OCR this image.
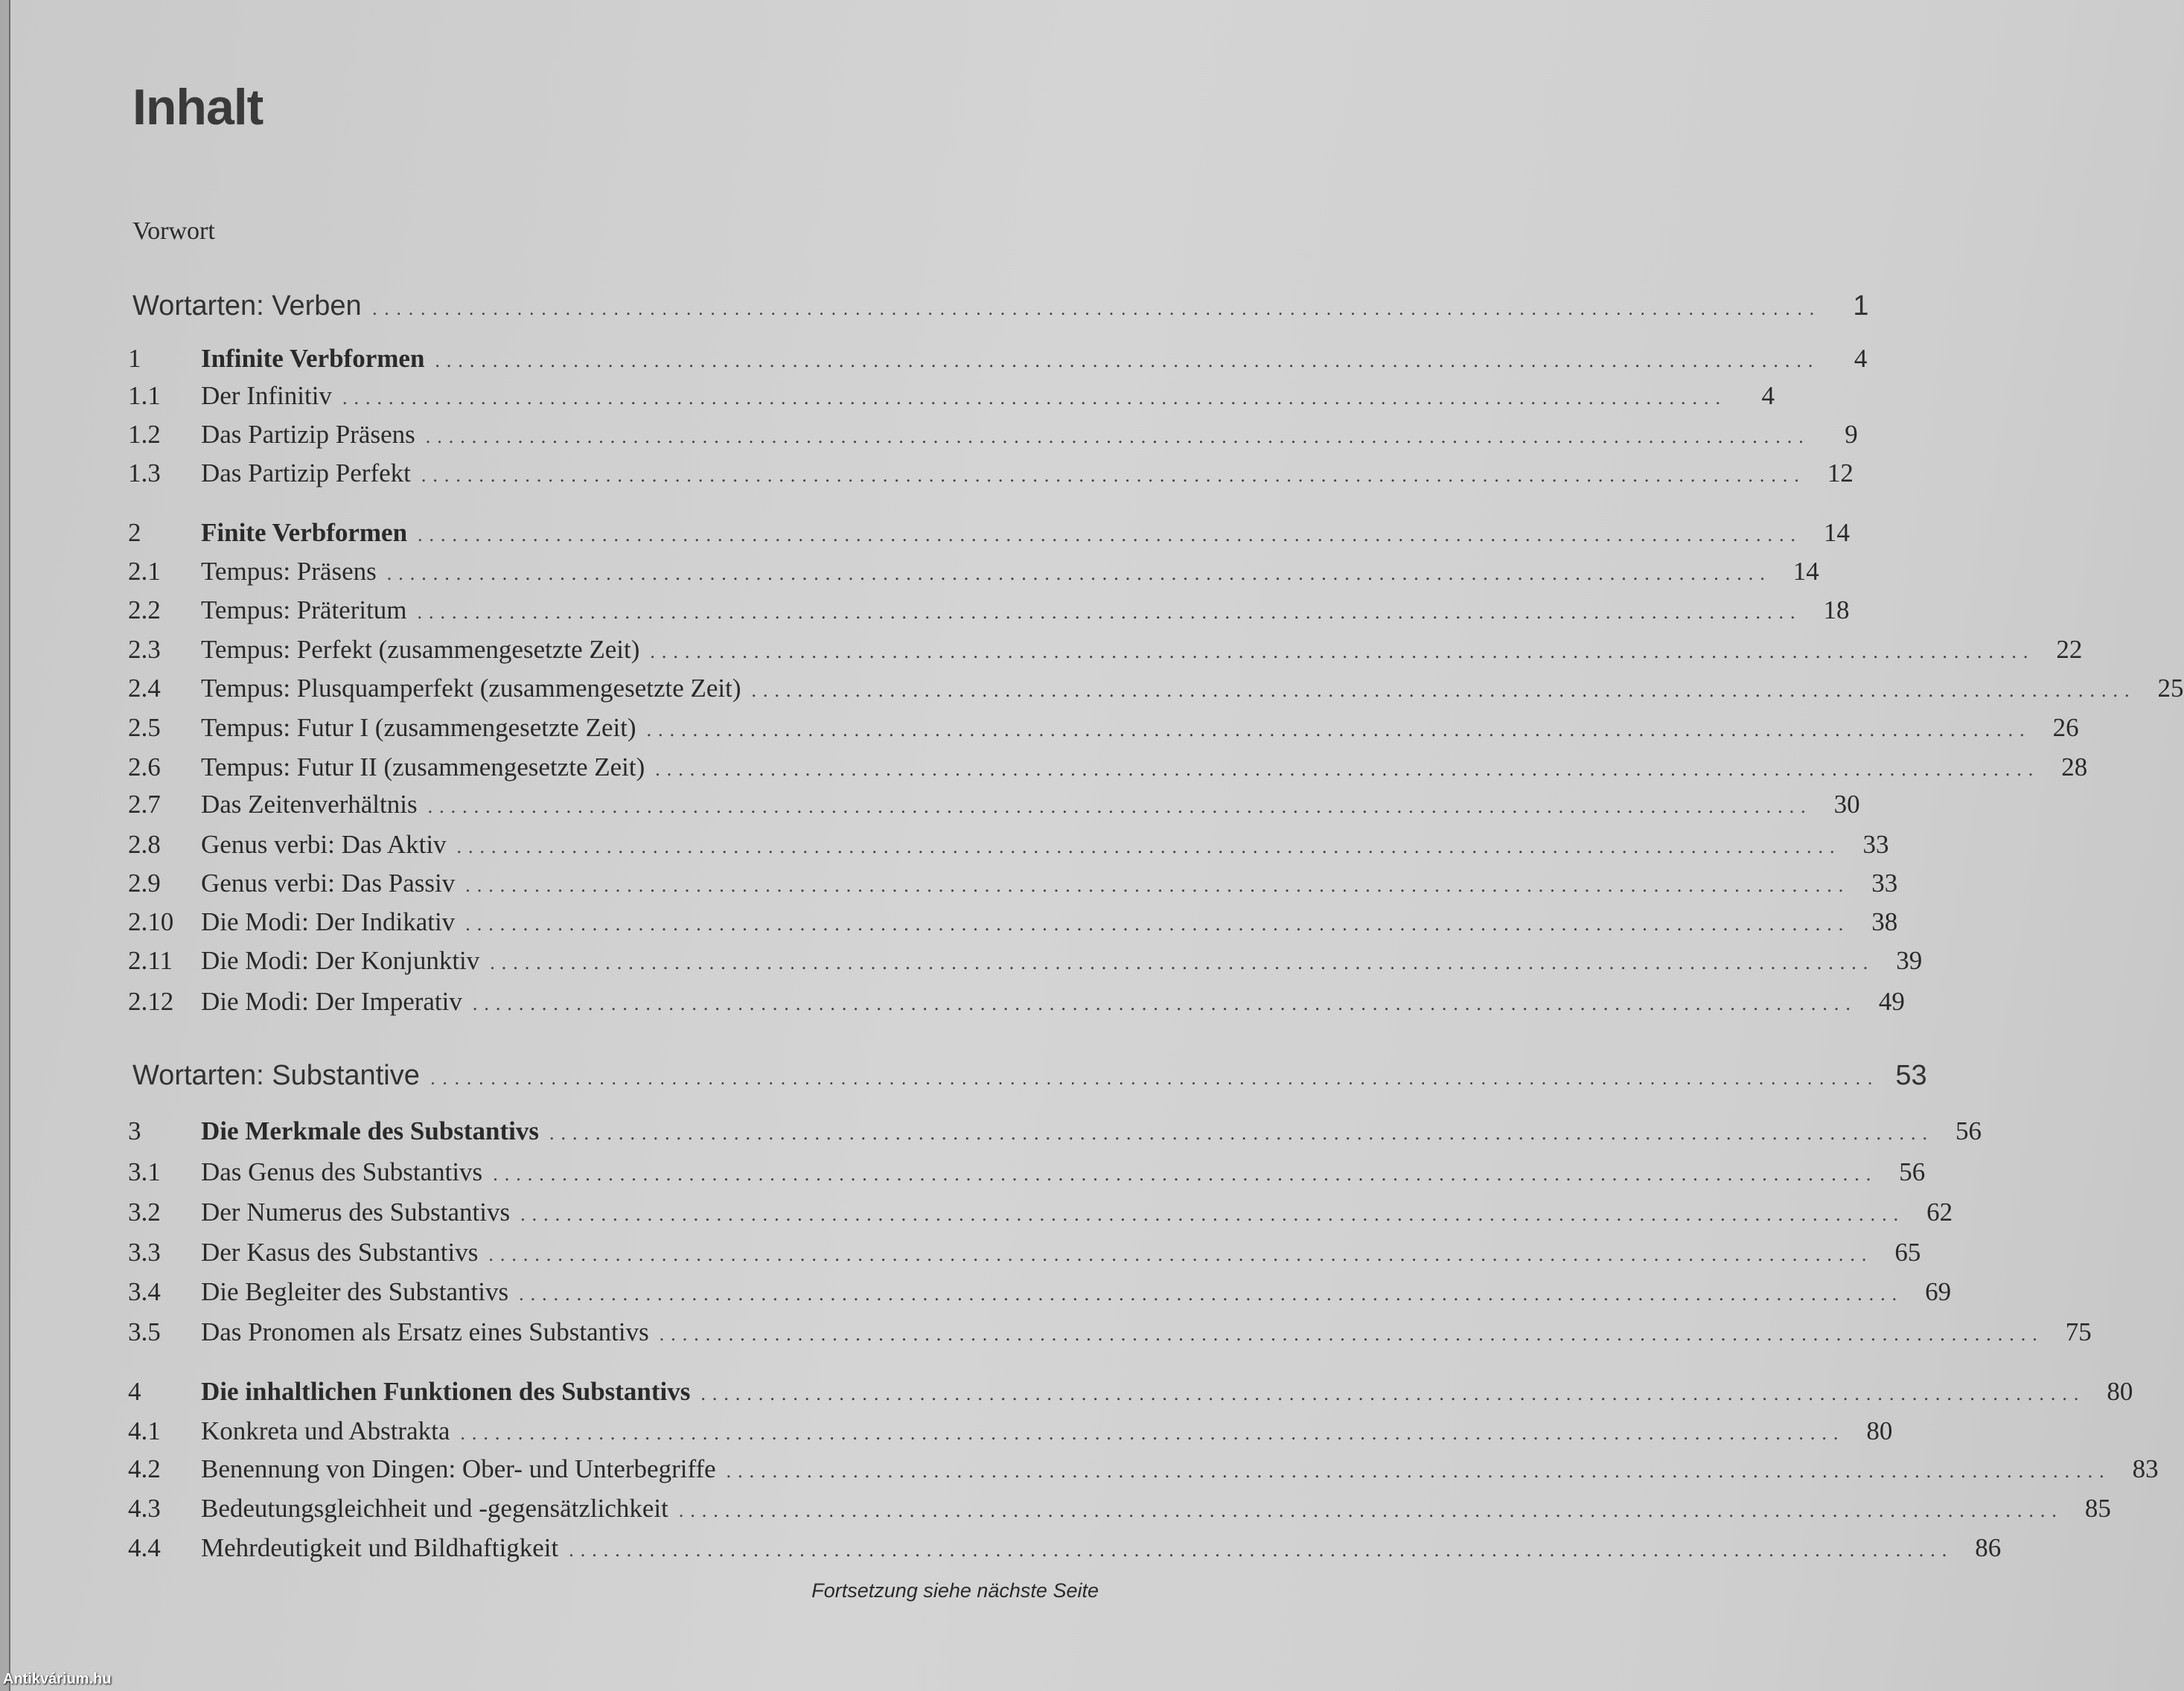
Inhalt
Vorwort
Wortarten: Verben ........................................................................................................................	1
1	Infinite Verbformen ........................................................................................................................	4
1.1	Der Infinitiv ........................................................................................................................	4
1.2	Das Partizip Präsens ........................................................................................................................	9
1.3	Das Partizip Perfekt ........................................................................................................................ 12
2	Finite Verbformen ........................................................................................................................ 14
2.1	Tempus: Präsens ........................................................................................................................ 14
2.2	Tempus: Präteritum ........................................................................................................................ 18
2.3	Tempus: Perfekt (zusammengesetzte Zeit) ........................................................................................................................ 22
2.4	Tempus: Plusquamperfekt (zusammengesetzte Zeit) ........................................................................................................................ 25
2.5	Tempus: Futur I (zusammengesetzte Zeit) ........................................................................................................................ 26
2.6	Tempus: Futur II (zusammengesetzte Zeit) ........................................................................................................................ 28
2.7	Das Zeitenverhältnis ........................................................................................................................ 30
2.8	Genus verbi: Das Aktiv ........................................................................................................................ 33
2.9	Genus verbi: Das Passiv ........................................................................................................................ 33
2.10	Die Modi: Der Indikativ ........................................................................................................................ 38
2.11	Die Modi: Der Konjunktiv ........................................................................................................................ 39
2.12	Die Modi: Der Imperativ ........................................................................................................................ 49
Wortarten: Substantive ........................................................................................................................ 53
3	Die Merkmale des Substantivs ........................................................................................................................ 56
3.1	Das Genus des Substantivs ........................................................................................................................ 56
3.2	Der Numerus des Substantivs ........................................................................................................................ 62
3.3	Der Kasus des Substantivs ........................................................................................................................ 65
3.4	Die Begleiter des Substantivs ........................................................................................................................ 69
3.5	Das Pronomen als Ersatz eines Substantivs ........................................................................................................................ 75
4	Die inhaltlichen Funktionen des Substantivs ........................................................................................................................ 80
4.1	Konkreta und Abstrakta ........................................................................................................................ 80
4.2	Benennung von Dingen: Ober- und Unterbegriffe ........................................................................................................................ 83
4.3	Bedeutungsgleichheit und -gegensätzlichkeit ........................................................................................................................ 85
4.4	Mehrdeutigkeit und Bildhaftigkeit ........................................................................................................................ 86
Fortsetzung siehe nächste Seite
Antikvárium.hu
